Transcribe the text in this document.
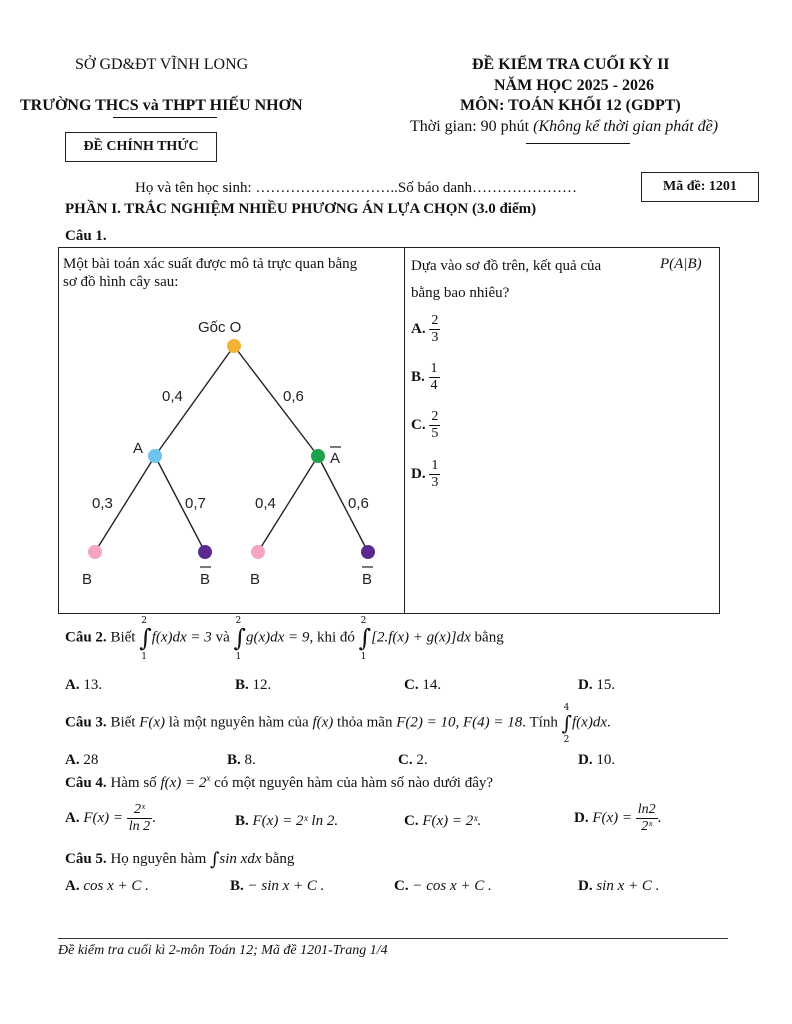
SỞ GD&ĐT VĨNH LONG
TRƯỜNG THCS và THPT HIẾU NHƠN
ĐỀ CHÍNH THỨC
ĐỀ KIỂM TRA CUỐI KỲ II
NĂM HỌC 2025 - 2026
MÔN: TOÁN KHỐI 12 (GDPT)
Thời gian: 90 phút (Không kể thời gian phát đề)
Họ và tên học sinh: ………………………..Số báo danh…………………	Mã đề: 1201
PHẦN I. TRẮC NGHIỆM NHIỀU PHƯƠNG ÁN LỰA CHỌN (3.0 điểm)
Câu 1.
Một bài toán xác suất được mô tả trực quan bằng
sơ đồ hình cây sau:
Gốc O
0,4	0,6
A
A
0,3	0,7	0,4	0,6
B	B	B	B
Dựa vào sơ đồ trên, kết quả của	P(A|B)
bằng bao nhiêu?
A. $\frac{2}{3}$
B. $\frac{1}{4}$
C. $\frac{2}{5}$
D. $\frac{1}{3}$
Câu 2. Biết ∫
2
1
f(x)dx = 3 và ∫
2
1
g(x)dx = 9, khi đó ∫
2
1
[2.f(x) + g(x)]dx bằng
A. 13.	B. 12.	C. 14.	D. 15.
Câu 3. Biết F(x) là một nguyên hàm của f(x) thỏa mãn F(2) = 10, F(4) = 18. Tính ∫
4
2
f(x)dx.
A. 28	B. 8.	C. 2.	D. 10.
Câu 4. Hàm số $f(x) = 2^x$ có một nguyên hàm của hàm số nào dưới đây?
A. $F(x) = \frac{\text{2ˣ}}{\ln 2}$ .	B. F(x) = 2ˣ ln 2.	C. F(x) = 2ˣ.	D. $F(x) = \frac{\ln 2}{\text{2ˣ}}$ .
Câu 5. Họ nguyên hàm ∫sin xdx bằng
A. cos x + C .	B. − sin x + C .	C. − cos x + C .	D. sin x + C .
Đề kiểm tra cuối kì 2-môn Toán 12; Mã đề 1201-Trang 1/4
